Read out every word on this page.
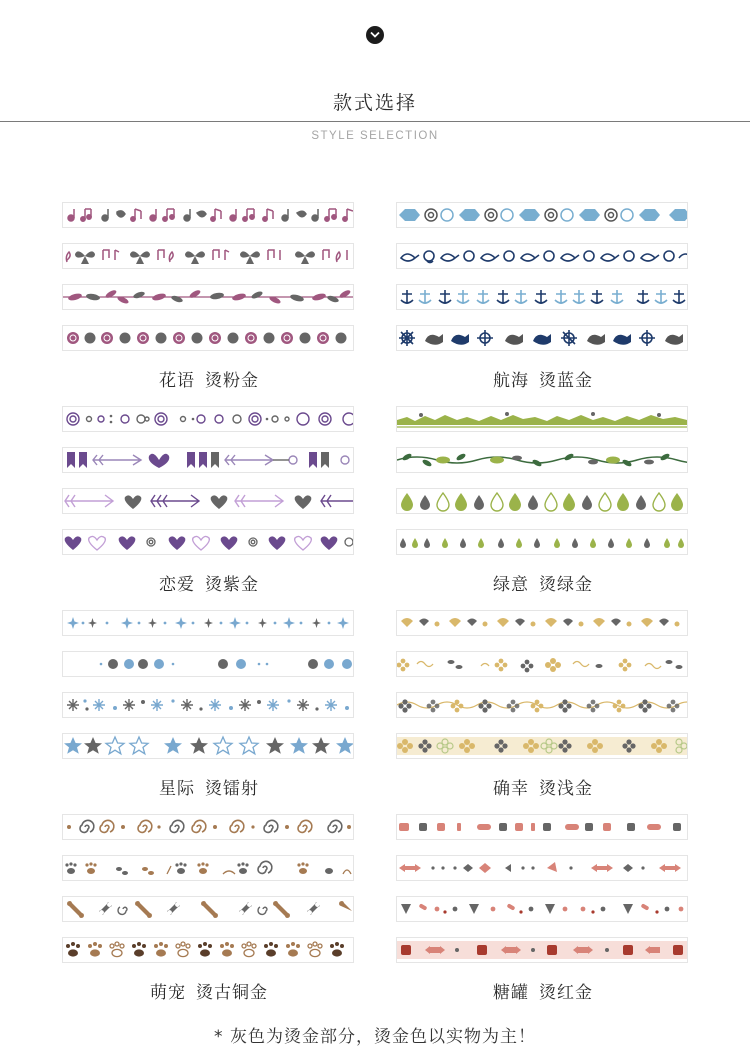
款式选择
STYLE SELECTION
花语 烫粉金	航海 烫蓝金
恋爱 烫紫金	绿意 烫绿金
星际 烫镭射	确幸 烫浅金
萌宠 烫古铜金	糖罐 烫红金
* 灰色为烫金部分，烫金色以实物为主！
